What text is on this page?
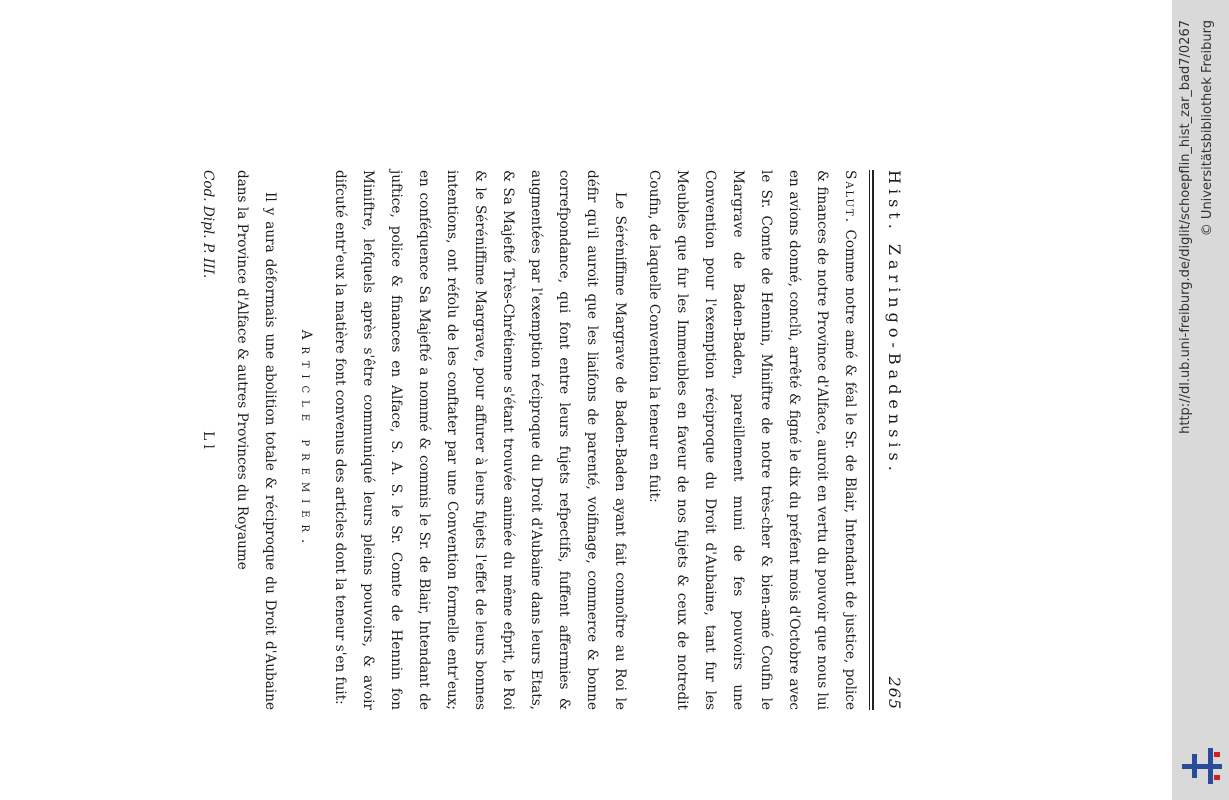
Hist. Zaringo-Badensis.
265

Salut. Comme notre amé & féal le Sr. de Blair, Intendant de justice, police & finances de notre Province d'Alface, auroit en vertu du pouvoir que nous lui en avions donné, conclû, arrêté & figné le dix du préfent mois d'Octobre avec le Sr. Comte de Hennin, Miniftre de notre très-cher & bien-amé Coufin le Margrave de Baden-Baden, pareillement muni de fes pouvoirs une Convention pour l'exemption réciproque du Droit d'Aubaine, tant fur les Meubles que fur les Immeubles en faveur de nos fujets & ceux de notredit Coufin, de laquelle Convention la teneur en fuit:

Le Séréniffime Margrave de Baden-Baden ayant fait connoître au Roi le défir qu'il auroit que les liaifons de parenté, voifinage, commerce & bonne correfpondance, qui font entre leurs fujets refpectifs, fuffent affermies & augmentées par l'exemption réciproque du Droit d'Aubaine dans leurs Etats, & Sa Majefté Très-Chrétienne s'étant trouvée animée du même efprit, le Roi & le Séréniffime Margrave, pour affurer à leurs fujets l'effet de leurs bonnes intentions, ont réfolu de les conftater par une Convention formelle entr'eux; en conféquence Sa Majefté a nommé & commis le Sr. de Blair, Intendant de juftice, police & finances en Alface, S. A. S. le Sr. Comte de Hennin fon Miniftre, lefquels après s'être communiqué leurs pleins pouvoirs, & avoir difcuté entr'eux la matière font convenus des articles dont la teneur s'en fuit:

Article premier.

Il y aura déformais une abolition totale & réciproque du Droit d'Aubaine dans la Province d'Alface & autres Provinces du Royaume

Cod. Dipl. P. III.
L l
http://dl.ub.uni-freiburg.de/diglit/schoepflin_hist_zar_bad7/0267 © Universitätsbibliothek Freiburg
